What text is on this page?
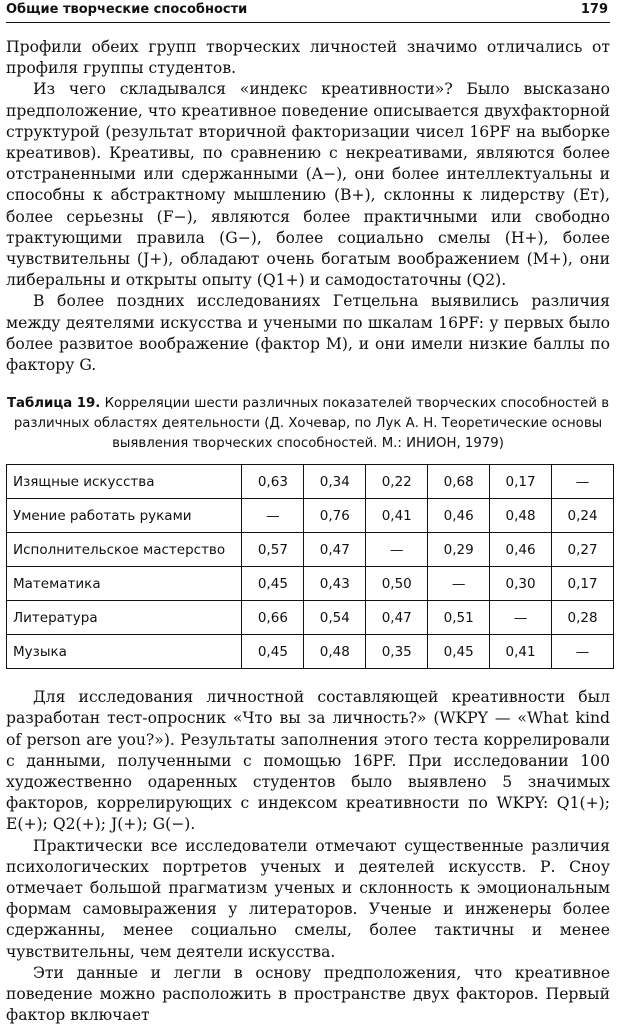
Общие творческие способности	179

Профили обеих групп творческих личностей значимо отличались от профиля группы студентов.

Из чего складывался «индекс креативности»? Было высказано предположение, что креативное поведение описывается двухфакторной структурой (результат вторичной факторизации чисел 16PF на выборке креативов). Креативы, по сравнению с некреативами, являются более отстраненными или сдержанными (A−), они более интеллектуальны и способны к абстрактному мышлению (B+), склонны к лидерству (Eт), более серьезны (F−), являются более практичными или свободно трактующими правила (G−), более социально смелы (H+), более чувствительны (J+), обладают очень богатым воображением (M+), они либеральны и открыты опыту (Q1+) и самодостаточны (Q2).

В более поздних исследованиях Гетцельна выявились различия между деятелями искусства и учеными по шкалам 16PF: у первых было более развитое воображение (фактор M), и они имели низкие баллы по фактору G.

Таблица 19. Корреляции шести различных показателей творческих способностей в различных областях деятельности (Д. Хочевар, по Лук А. Н. Теоретические основы выявления творческих способностей. М.: ИНИОН, 1979)
Изящные искусства	0,63	0,34	0,22	0,68	0,17	—
Умение работать руками	—	0,76	0,41	0,46	0,48	0,24
Исполнительское мастерство	0,57	0,47	—	0,29	0,46	0,27
Математика	0,45	0,43	0,50	—	0,30	0,17
Литература	0,66	0,54	0,47	0,51	—	0,28
Музыка	0,45	0,48	0,35	0,45	0,41	—

Для исследования личностной составляющей креативности был разработан тест-опросник «Что вы за личность?» (WKPY — «What kind of person are you?»). Результаты заполнения этого теста коррелировали с данными, полученными с помощью 16PF. При исследовании 100 художественно одаренных студентов было выявлено 5 значимых факторов, коррелирующих с индексом креативности по WKPY: Q1(+); E(+); Q2(+); J(+); G(−).

Практически все исследователи отмечают существенные различия психологических портретов ученых и деятелей искусств. Р. Сноу отмечает большой прагматизм ученых и склонность к эмоциональным формам самовыражения у литераторов. Ученые и инженеры более сдержанны, менее социально смелы, более тактичны и менее чувствительны, чем деятели искусства.

Эти данные и легли в основу предположения, что креативное поведение можно расположить в пространстве двух факторов. Первый фактор включает
